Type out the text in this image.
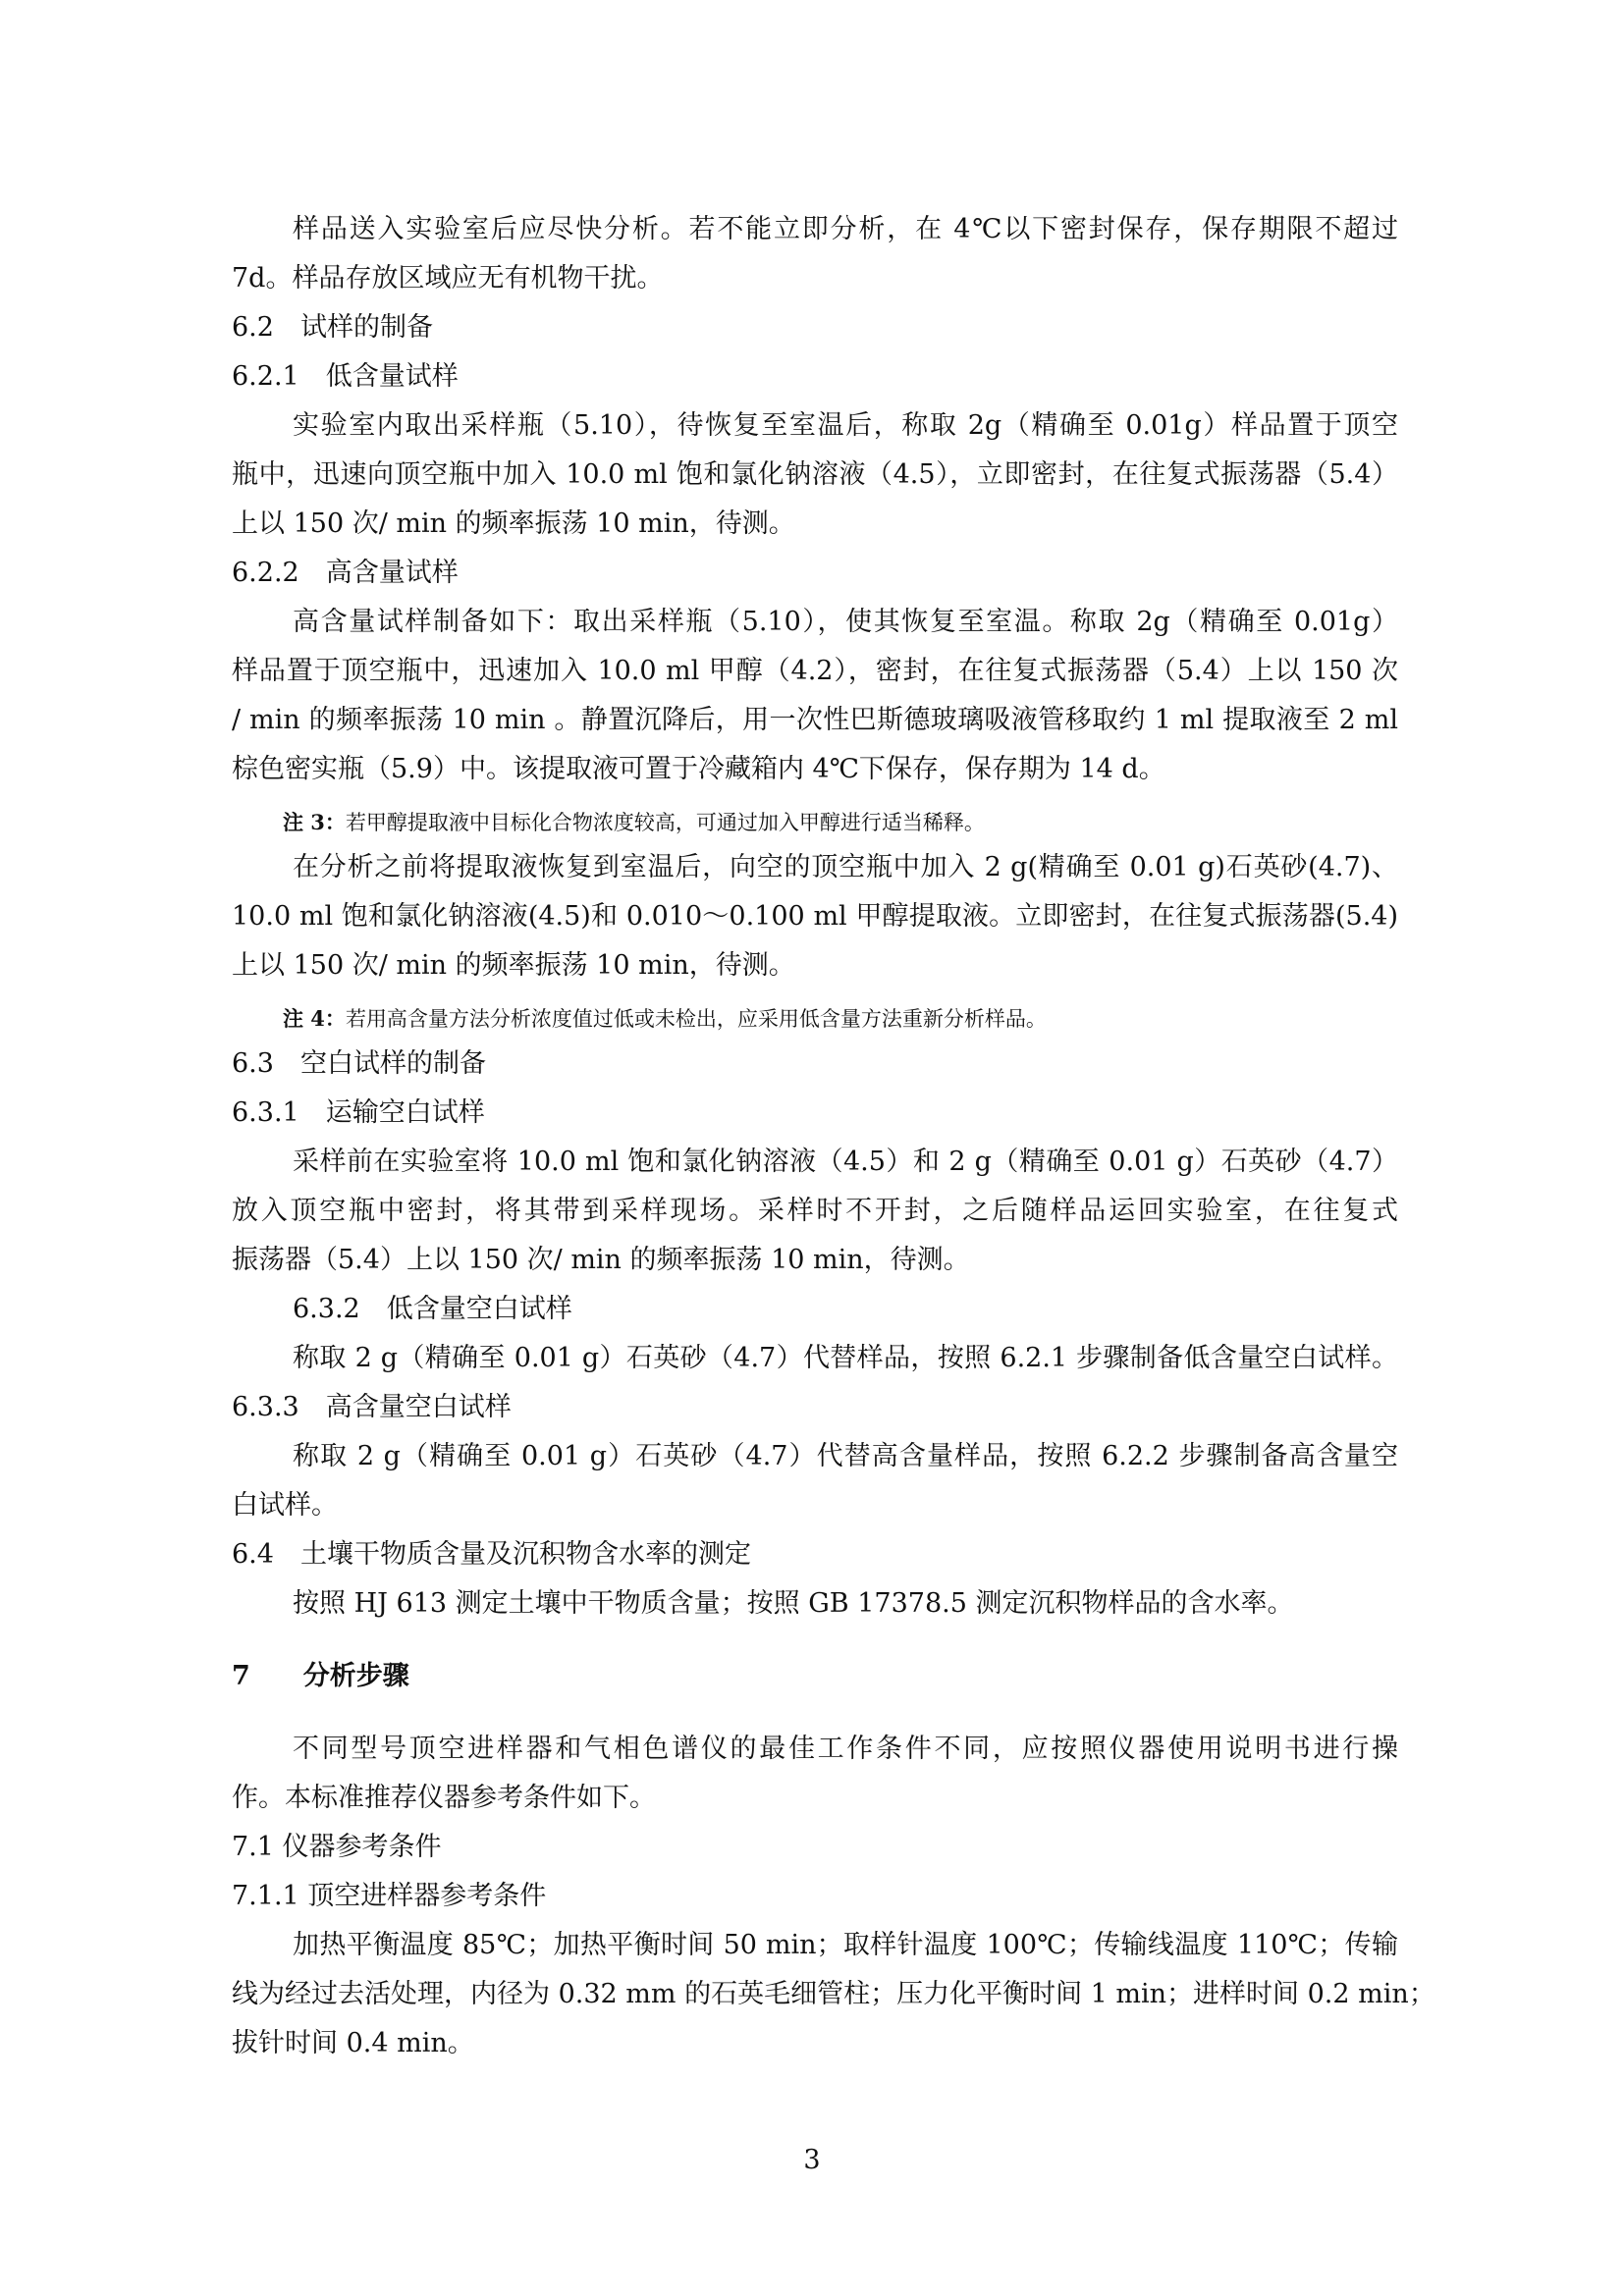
样品送入实验室后应尽快分析。若不能立即分析，在 4℃以下密封保存，保存期限不超过
7d。样品存放区域应无有机物干扰。
6.2　试样的制备
6.2.1　低含量试样
实验室内取出采样瓶（5.10），待恢复至室温后，称取 2g（精确至 0.01g）样品置于顶空
瓶中，迅速向顶空瓶中加入 10.0 ml 饱和氯化钠溶液（4.5），立即密封，在往复式振荡器（5.4）
上以 150 次/ min 的频率振荡 10 min，待测。
6.2.2　高含量试样
高含量试样制备如下：取出采样瓶（5.10），使其恢复至室温。称取 2g（精确至 0.01g）
样品置于顶空瓶中，迅速加入 10.0 ml 甲醇（4.2），密封，在往复式振荡器（5.4）上以 150 次
/ min 的频率振荡 10 min 。静置沉降后，用一次性巴斯德玻璃吸液管移取约 1 ml 提取液至 2 ml
棕色密实瓶（5.9）中。该提取液可置于冷藏箱内 4℃下保存，保存期为 14 d。
注 3：若甲醇提取液中目标化合物浓度较高，可通过加入甲醇进行适当稀释。
在分析之前将提取液恢复到室温后，向空的顶空瓶中加入 2 g(精确至 0.01 g)石英砂(4.7)、
10.0 ml 饱和氯化钠溶液(4.5)和 0.010～0.100 ml 甲醇提取液。立即密封，在往复式振荡器(5.4)
上以 150 次/ min 的频率振荡 10 min，待测。
注 4：若用高含量方法分析浓度值过低或未检出，应采用低含量方法重新分析样品。
6.3　空白试样的制备
6.3.1　运输空白试样
采样前在实验室将 10.0 ml 饱和氯化钠溶液（4.5）和 2 g（精确至 0.01 g）石英砂（4.7）
放入顶空瓶中密封，将其带到采样现场。采样时不开封，之后随样品运回实验室，在往复式
振荡器（5.4）上以 150 次/ min 的频率振荡 10 min，待测。
6.3.2　低含量空白试样
称取 2 g（精确至 0.01 g）石英砂（4.7）代替样品，按照 6.2.1 步骤制备低含量空白试样。
6.3.3　高含量空白试样
称取 2 g（精确至 0.01 g）石英砂（4.7）代替高含量样品，按照 6.2.2 步骤制备高含量空
白试样。
6.4　土壤干物质含量及沉积物含水率的测定
按照 HJ 613 测定土壤中干物质含量；按照 GB 17378.5 测定沉积物样品的含水率。
7　　分析步骤
不同型号顶空进样器和气相色谱仪的最佳工作条件不同，应按照仪器使用说明书进行操
作。本标准推荐仪器参考条件如下。
7.1 仪器参考条件
7.1.1 顶空进样器参考条件
加热平衡温度 85℃；加热平衡时间 50 min；取样针温度 100℃；传输线温度 110℃；传输
线为经过去活处理，内径为 0.32 mm 的石英毛细管柱；压力化平衡时间 1 min；进样时间 0.2 min；
拔针时间 0.4 min。
3
